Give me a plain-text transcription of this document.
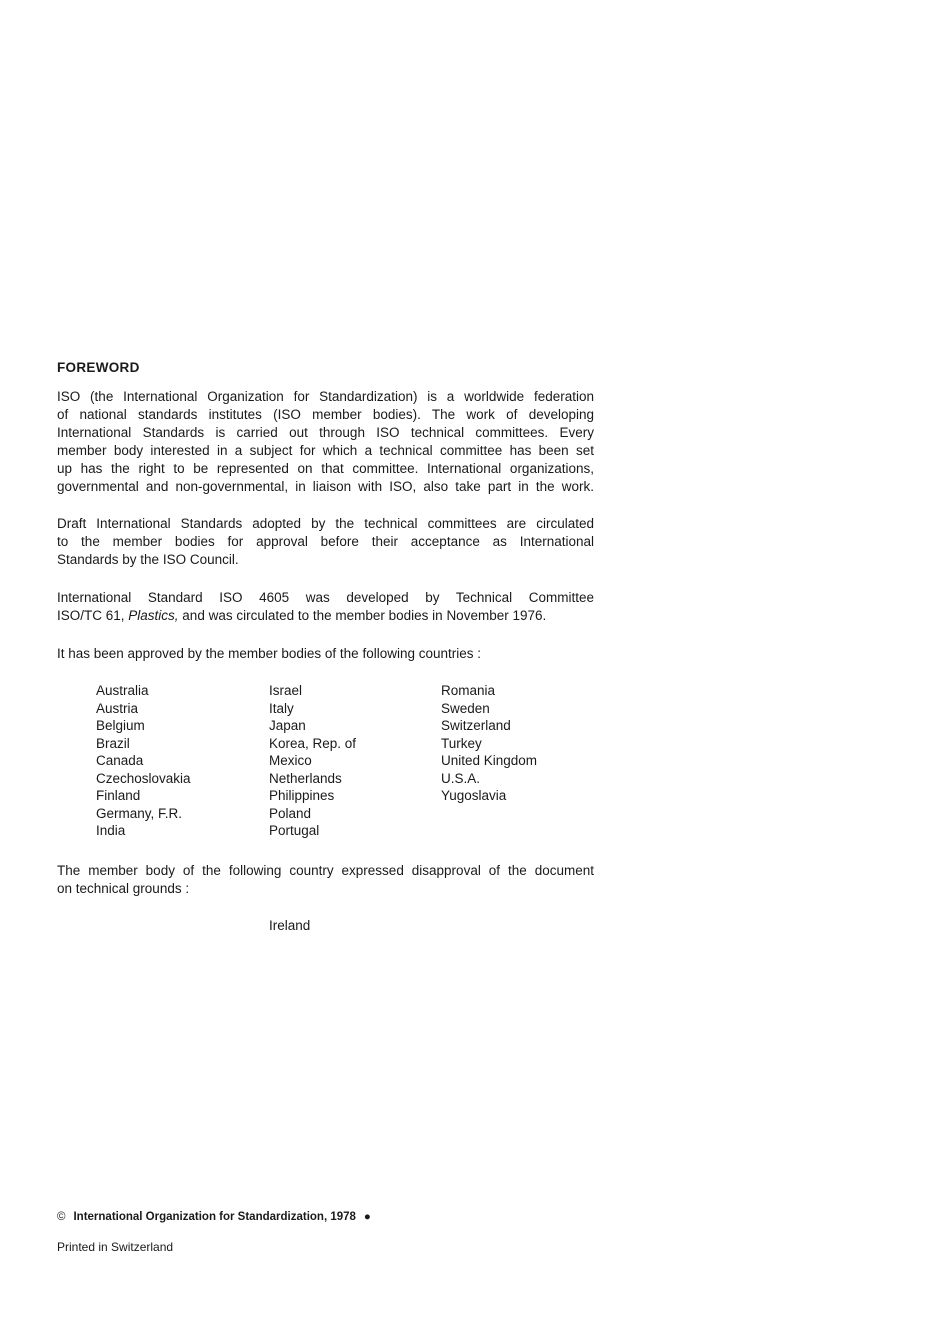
FOREWORD
ISO (the International Organization for Standardization) is a worldwide federation
of national standards institutes (ISO member bodies). The work of developing
International Standards is carried out through ISO technical committees. Every
member body interested in a subject for which a technical committee has been set
up has the right to be represented on that committee. International organizations,
governmental and non-governmental, in liaison with ISO, also take part in the work.
Draft International Standards adopted by the technical committees are circulated
to the member bodies for approval before their acceptance as International
Standards by the ISO Council.
International Standard ISO 4605 was developed by Technical Committee
ISO/TC 61, Plastics, and was circulated to the member bodies in November 1976.
It has been approved by the member bodies of the following countries :
Australia
Austria
Belgium
Brazil
Canada
Czechoslovakia
Finland
Germany, F.R.
India
Israel
Italy
Japan
Korea, Rep. of
Mexico
Netherlands
Philippines
Poland
Portugal
Romania
Sweden
Switzerland
Turkey
United Kingdom
U.S.A.
Yugoslavia
The member body of the following country expressed disapproval of the document
on technical grounds :
Ireland
© International Organization for Standardization, 1978 ●
Printed in Switzerland
